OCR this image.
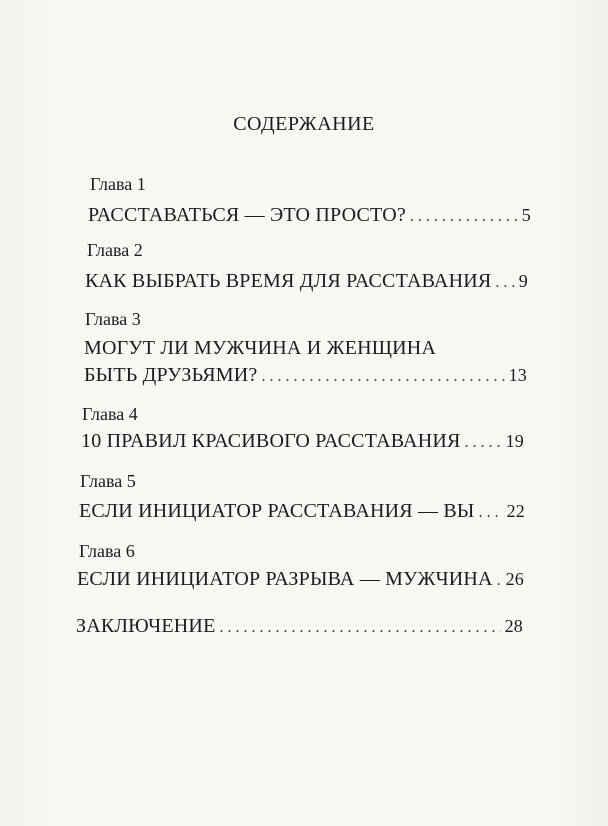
СОДЕРЖАНИЕ
Глава 1
РАССТАВАТЬСЯ — ЭТО ПРОСТО? . . .	5
Глава 2
КАК ВЫБРАТЬ ВРЕМЯ ДЛЯ РАССТАВАНИЯ . . . 9
Глава 3
МОГУТ ЛИ МУЖЧИНА И ЖЕНЩИНА
БЫТЬ ДРУЗЬЯМИ? . . .	13
Глава 4
10 ПРАВИЛ КРАСИВОГО РАССТАВАНИЯ . . .	19
Глава 5
ЕСЛИ ИНИЦИАТОР РАССТАВАНИЯ — ВЫ . . . 22
Глава 6
ЕСЛИ ИНИЦИАТОР РАЗРЫВА — МУЖЧИНА . . . 26
ЗАКЛЮЧЕНИЕ . . .	28
